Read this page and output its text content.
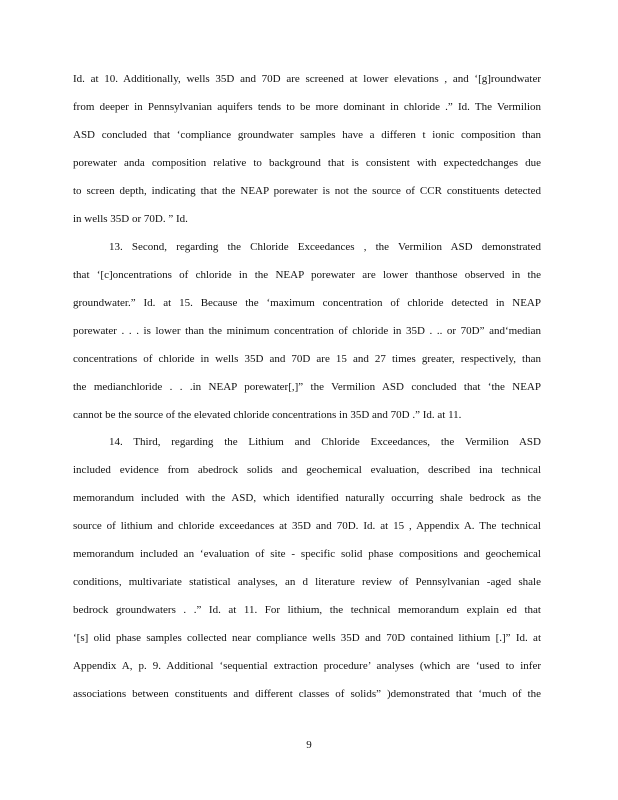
Id. at 10. Additionally, wells 35D and 70D are screened at lower elevations , and ‘[g]roundwater
from deeper in Pennsylvanian aquifers tends to be more dominant in chloride .” Id. The Vermilion
ASD concluded that ‘compliance groundwater samples have a differen t ionic composition than
porewater anda composition relative to background that is consistent with expectedchanges due
to screen depth, indicating that the NEAP porewater is not the source of CCR constituents detected
in wells 35D or 70D. ” Id.
13. Second, regarding the Chloride Exceedances , the Vermilion ASD demonstrated
that ‘[c]oncentrations of chloride in the NEAP porewater are lower thanthose observed in the
groundwater.” Id. at 15. Because the ‘maximum concentration of chloride detected in NEAP
porewater . . . is lower than the minimum concentration of chloride in 35D . .. or 70D” and‘median
concentrations of chloride in wells 35D and 70D are 15 and 27 times greater, respectively, than
the medianchloride . . .in NEAP porewater[,]” the Vermilion ASD concluded that ‘the NEAP
cannot be the source of the elevated chloride concentrations in 35D and 70D .” Id. at 11.
14. Third, regarding the Lithium and Chloride Exceedances, the Vermilion ASD
included evidence from abedrock solids and geochemical evaluation, described ina technical
memorandum included with the ASD, which identified naturally occurring shale bedrock as the
source of lithium and chloride exceedances at 35D and 70D. Id. at 15 , Appendix A. The technical
memorandum included an ‘evaluation of site - specific solid phase compositions and geochemical
conditions, multivariate statistical analyses, an d literature review of Pennsylvanian -aged shale
bedrock groundwaters . .” Id. at 11. For lithium, the technical memorandum explain ed that
‘[s] olid phase samples collected near compliance wells 35D and 70D contained lithium [.]” Id. at
Appendix A, p. 9. Additional ‘sequential extraction procedure’ analyses (which are ‘used to infer
associations between constituents and different classes of solids” )demonstrated that ‘much of the
9
